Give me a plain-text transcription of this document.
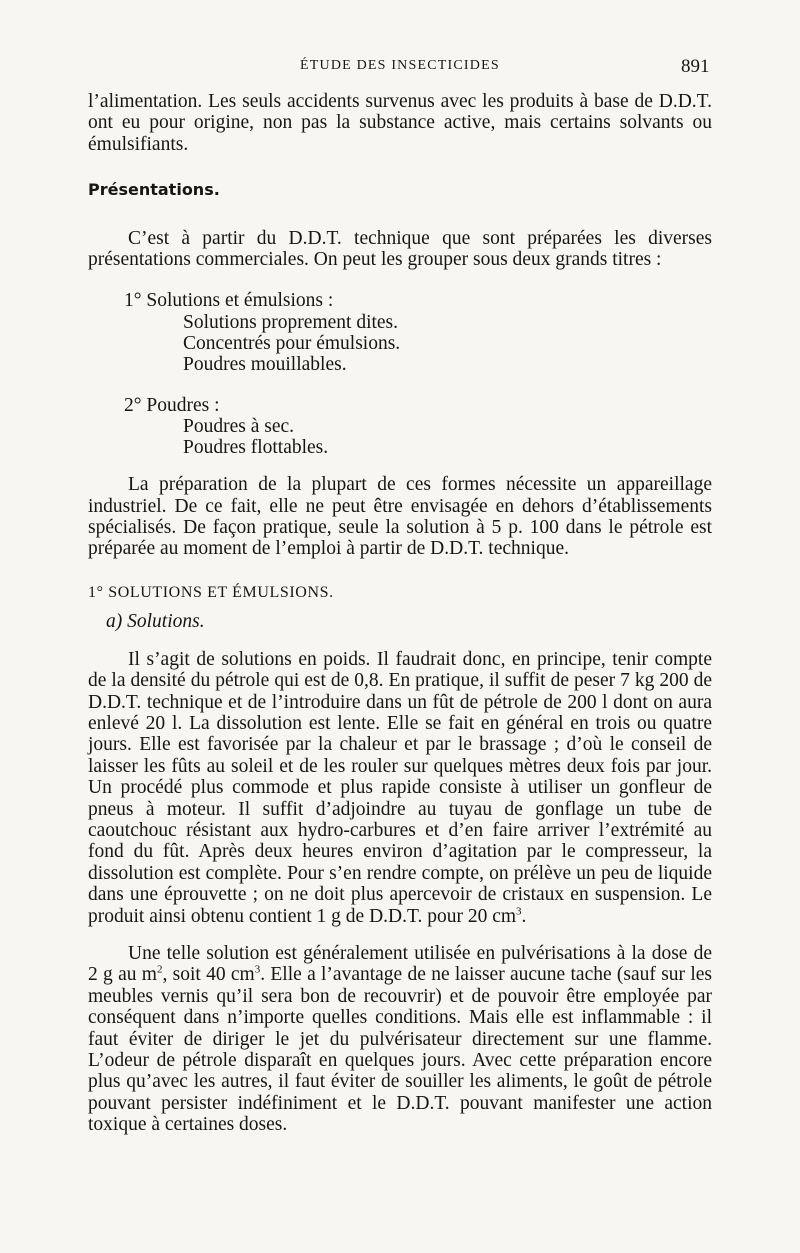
ÉTUDE DES INSECTICIDES	891

l’alimentation. Les seuls accidents survenus avec les produits à base de D.D.T. ont eu pour origine, non pas la substance active, mais certains solvants ou émulsifiants.

Présentations.

C’est à partir du D.D.T. technique que sont préparées les diverses présentations commerciales. On peut les grouper sous deux grands titres :

1° Solutions et émulsions :
Solutions proprement dites.
Concentrés pour émulsions.
Poudres mouillables.
2° Poudres :
Poudres à sec.
Poudres flottables.

La préparation de la plupart de ces formes nécessite un appareillage industriel. De ce fait, elle ne peut être envisagée en dehors d’établissements spécialisés. De façon pratique, seule la solution à 5 p. 100 dans le pétrole est préparée au moment de l’emploi à partir de D.D.T. technique.

1° SOLUTIONS ET ÉMULSIONS.
a) Solutions.

Il s’agit de solutions en poids. Il faudrait donc, en principe, tenir compte de la densité du pétrole qui est de 0,8. En pratique, il suffit de peser 7 kg 200 de D.D.T. technique et de l’introduire dans un fût de pétrole de 200 l dont on aura enlevé 20 l. La dissolution est lente. Elle se fait en général en trois ou quatre jours. Elle est favorisée par la chaleur et par le brassage ; d’où le conseil de laisser les fûts au soleil et de les rouler sur quelques mètres deux fois par jour. Un procédé plus commode et plus rapide consiste à utiliser un gonfleur de pneus à moteur. Il suffit d’adjoindre au tuyau de gonflage un tube de caoutchouc résistant aux hydro-carbures et d’en faire arriver l’extrémité au fond du fût. Après deux heures environ d’agitation par le compresseur, la dissolution est complète. Pour s’en rendre compte, on prélève un peu de liquide dans une éprouvette ; on ne doit plus apercevoir de cristaux en suspension. Le produit ainsi obtenu contient 1 g de D.D.T. pour 20 $cm^3$.

Une telle solution est généralement utilisée en pulvérisations à la dose de 2 g au $m^2$, soit 40 $cm^3$. Elle a l’avantage de ne laisser aucune tache (sauf sur les meubles vernis qu’il sera bon de recouvrir) et de pouvoir être employée par conséquent dans n’importe quelles conditions. Mais elle est inflammable : il faut éviter de diriger le jet du pulvérisateur directement sur une flamme. L’odeur de pétrole disparaît en quelques jours. Avec cette préparation encore plus qu’avec les autres, il faut éviter de souiller les aliments, le goût de pétrole pouvant persister indéfiniment et le D.D.T. pouvant manifester une action toxique à certaines doses.
